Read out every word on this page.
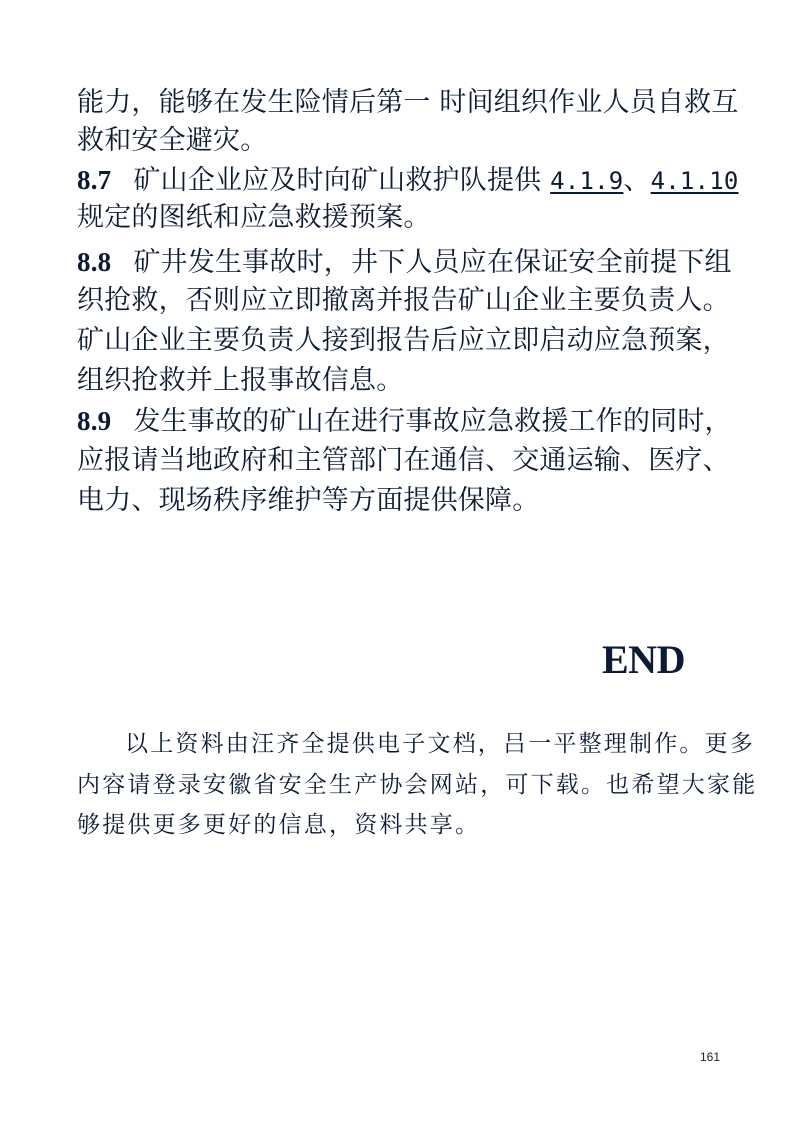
能力，能够在发生险情后第一 时间组织作业人员自救互
救和安全避灾。
8.7 矿山企业应及时向矿山救护队提供 4.1.9、4.1.10
规定的图纸和应急救援预案。
8.8 矿井发生事故时，井下人员应在保证安全前提下组
织抢救，否则应立即撤离并报告矿山企业主要负责人。
矿山企业主要负责人接到报告后应立即启动应急预案，
组织抢救并上报事故信息。
8.9 发生事故的矿山在进行事故应急救援工作的同时，
应报请当地政府和主管部门在通信、交通运输、医疗、
电力、现场秩序维护等方面提供保障。
END
以上资料由汪齐全提供电子文档，吕一平整理制作。更多
内容请登录安徽省安全生产协会网站，可下载。也希望大家能
够提供更多更好的信息，资料共享。
161
